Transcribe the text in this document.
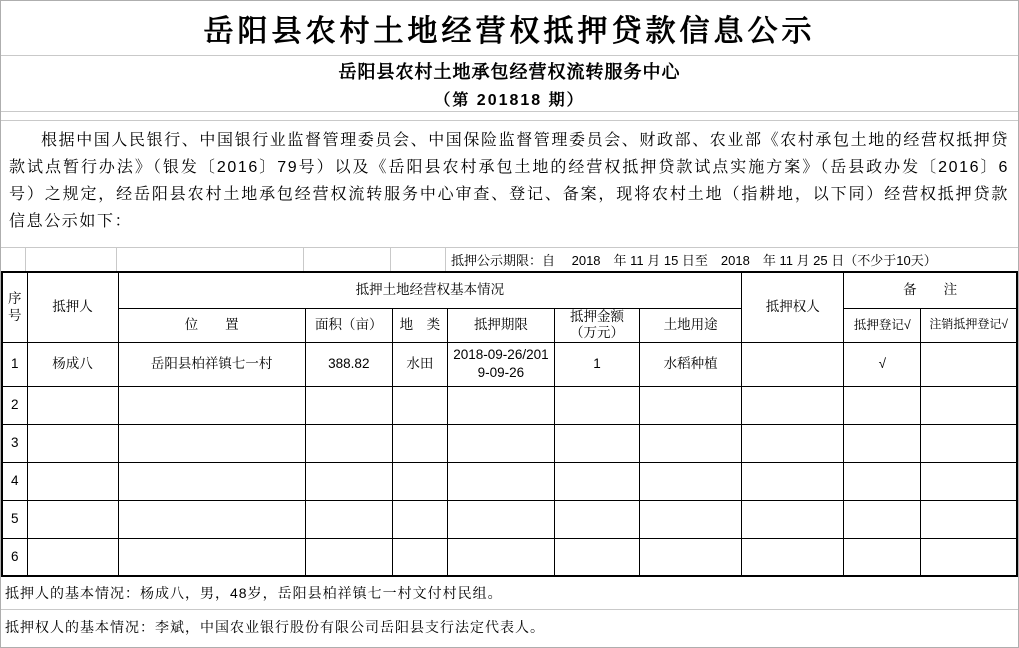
岳阳县农村土地经营权抵押贷款信息公示
岳阳县农村土地承包经营权流转服务中心
（第 201818 期）

根据中国人民银行、中国银行业监督管理委员会、中国保险监督管理委员会、财政部、农业部《农村承包土地的经营权抵押贷款试点暂行办法》（银发〔2016〕79号）以及《岳阳县农村承包土地的经营权抵押贷款试点实施方案》（岳县政办发〔2016〕6号）之规定，经岳阳县农村土地承包经营权流转服务中心审查、登记、备案，现将农村土地（指耕地，以下同）经营权抵押贷款信息公示如下：

抵押公示期限：自　 2018　年 11 月 15 日至　2018　年 11 月 25 日（不少于10天）
序号	抵押人	抵押土地经营权基本情况						抵押权人	备　　注	
		位　　置	面积（亩）	地　类	抵押期限	抵押金额
（万元）	土地用途		抵押登记√	注销抵押登记√
1	杨成八	岳阳县柏祥镇七一村	388.82	水田	2018-09-26/2019-09-26	1	水稻种植		√	
2										
3										
4										
5										
6										
抵押人的基本情况：杨成八，男，48岁，岳阳县柏祥镇七一村文付村民组。
抵押权人的基本情况：李斌，中国农业银行股份有限公司岳阳县支行法定代表人。
